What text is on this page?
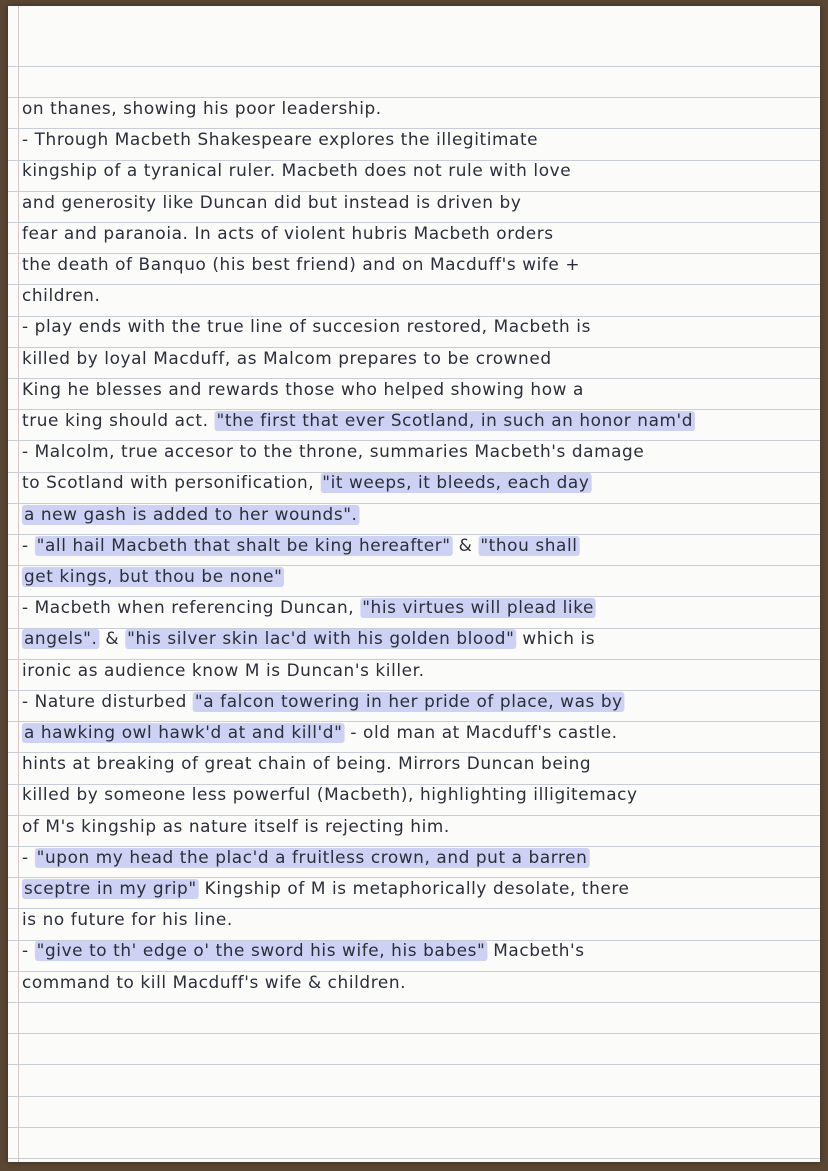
on thanes, showing his poor leadership.
- Through Macbeth Shakespeare explores the illegitimate
kingship of a tyranical ruler. Macbeth does not rule with love
and generosity like Duncan did but instead is driven by
fear and paranoia. In acts of violent hubris Macbeth orders
the death of Banquo (his best friend) and on Macduff's wife +
children.
- play ends with the true line of succesion restored, Macbeth is
killed by loyal Macduff, as Malcom prepares to be crowned
King he blesses and rewards those who helped showing how a
true king should act. "the first that ever Scotland, in such an honor nam'd
- Malcolm, true accesor to the throne, summaries Macbeth's damage
to Scotland with personification, "it weeps, it bleeds, each day
a new gash is added to her wounds".
- "all hail Macbeth that shalt be king hereafter" & "thou shall
get kings, but thou be none"
- Macbeth when referencing Duncan, "his virtues will plead like
angels". & "his silver skin lac'd with his golden blood" which is
ironic as audience know M is Duncan's killer.
- Nature disturbed "a falcon towering in her pride of place, was by
a hawking owl hawk'd at and kill'd" - old man at Macduff's castle.
hints at breaking of great chain of being. Mirrors Duncan being
killed by someone less powerful (Macbeth), highlighting illigitemacy
of M's kingship as nature itself is rejecting him.
- "upon my head the plac'd a fruitless crown, and put a barren
sceptre in my grip" Kingship of M is metaphorically desolate, there
is no future for his line.
- "give to th' edge o' the sword his wife, his babes" Macbeth's
command to kill Macduff's wife & children.
